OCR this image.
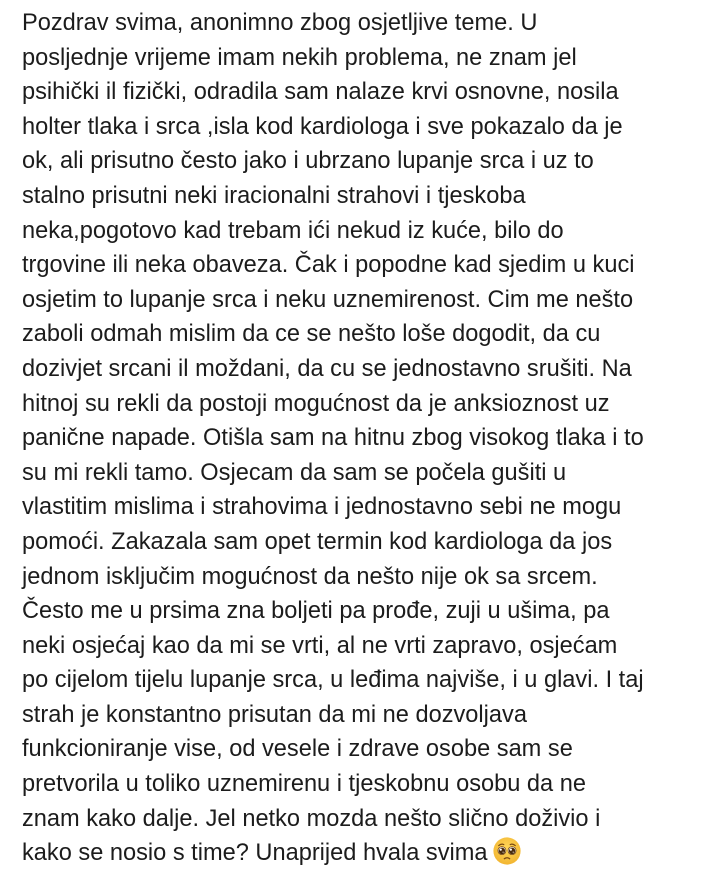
Pozdrav svima, anonimno zbog osjetljive teme. U
posljednje vrijeme imam nekih problema, ne znam jel
psihički il fizički, odradila sam nalaze krvi osnovne, nosila
holter tlaka i srca ,isla kod kardiologa i sve pokazalo da je
ok, ali prisutno često jako i ubrzano lupanje srca i uz to
stalno prisutni neki iracionalni strahovi i tjeskoba
neka,pogotovo kad trebam ići nekud iz kuće, bilo do
trgovine ili neka obaveza. Čak i popodne kad sjedim u kuci
osjetim to lupanje srca i neku uznemirenost. Cim me nešto
zaboli odmah mislim da ce se nešto loše dogodit, da cu
dozivjet srcani il moždani, da cu se jednostavno srušiti. Na
hitnoj su rekli da postoji mogućnost da je anksioznost uz
panične napade. Otišla sam na hitnu zbog visokog tlaka i to
su mi rekli tamo. Osjecam da sam se počela gušiti u
vlastitim mislima i strahovima i jednostavno sebi ne mogu
pomoći. Zakazala sam opet termin kod kardiologa da jos
jednom isključim mogućnost da nešto nije ok sa srcem.
Često me u prsima zna boljeti pa prođe, zuji u ušima, pa
neki osjećaj kao da mi se vrti, al ne vrti zapravo, osjećam
po cijelom tijelu lupanje srca, u leđima najviše, i u glavi. I taj
strah je konstantno prisutan da mi ne dozvoljava
funkcioniranje vise, od vesele i zdrave osobe sam se
pretvorila u toliko uznemirenu i tjeskobnu osobu da ne
znam kako dalje. Jel netko mozda nešto slično doživio i
kako se nosio s time? Unaprijed hvala svima
